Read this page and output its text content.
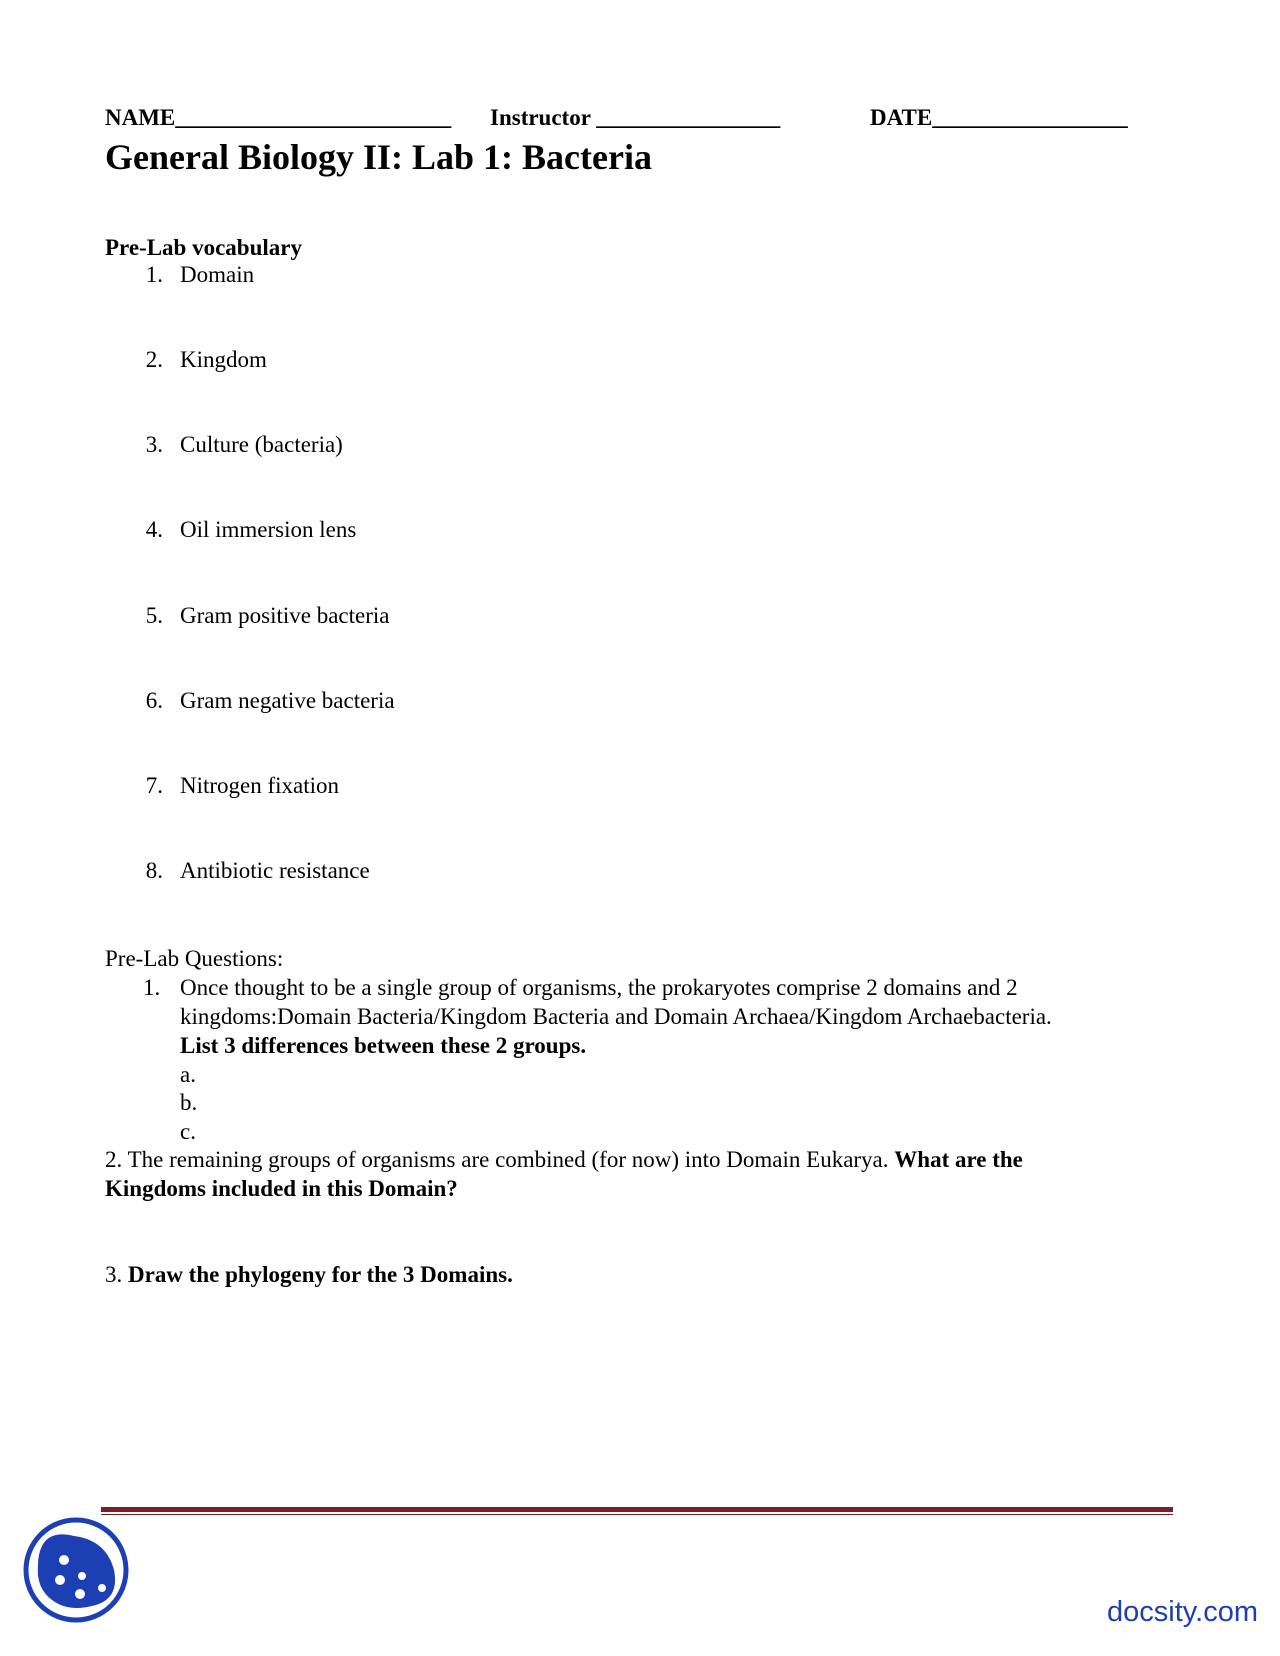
NAME________________________ Instructor ________________	DATE_________________
General Biology II: Lab 1: Bacteria
Pre-Lab vocabulary
1. Domain
2. Kingdom
3. Culture (bacteria)
4. Oil immersion lens
5. Gram positive bacteria
6. Gram negative bacteria
7. Nitrogen fixation
8. Antibiotic resistance
Pre-Lab Questions:
1. Once thought to be a single group of organisms, the prokaryotes comprise 2 domains and 2
kingdoms:Domain Bacteria/Kingdom Bacteria and Domain Archaea/Kingdom Archaebacteria.
List 3 differences between these 2 groups.
a.
b.
c.
2. The remaining groups of organisms are combined (for now) into Domain Eukarya. What are the
Kingdoms included in this Domain?
3. Draw the phylogeny for the 3 Domains.
docsity.com
